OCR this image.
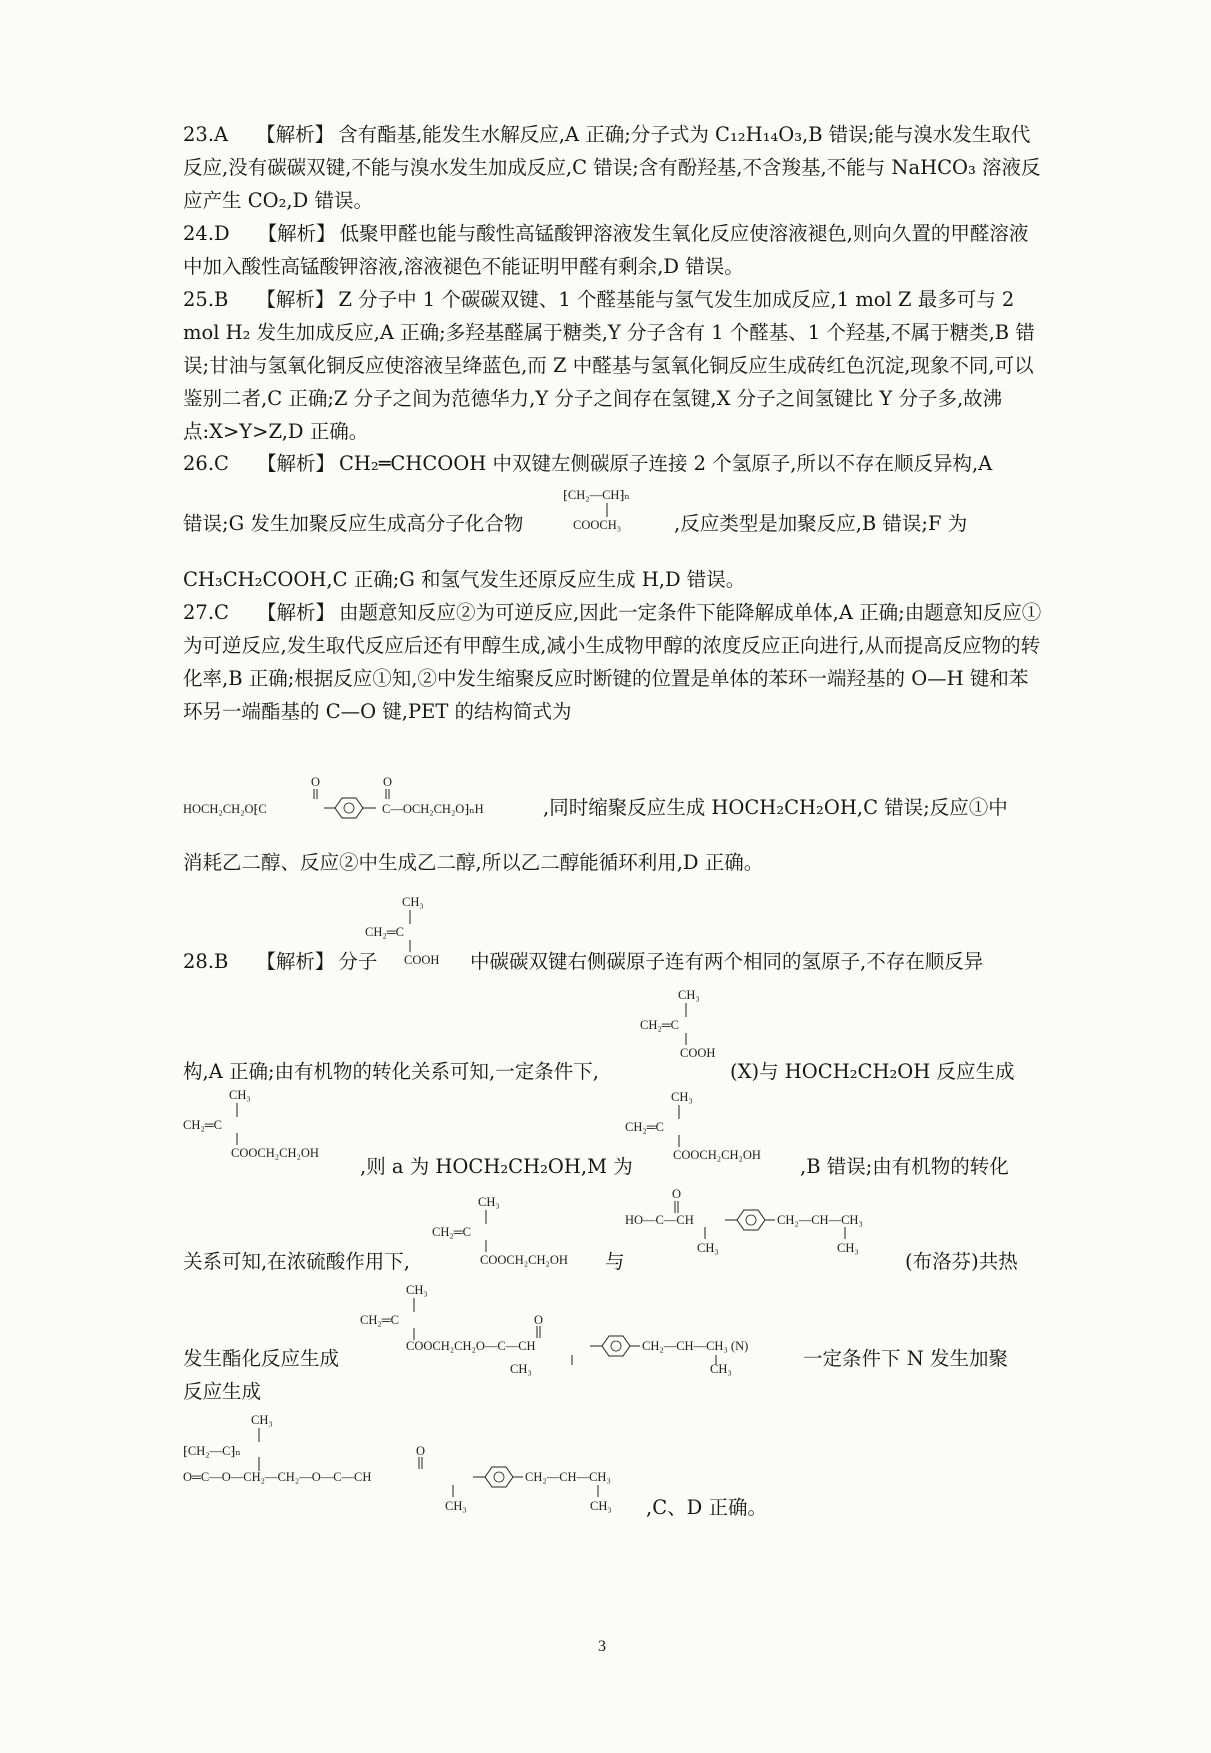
23.A 【解析】 含有酯基,能发生水解反应,A 正确;分子式为 C₁₂H₁₄O₃,B 错误;能与溴水发生取代反应,没有碳碳双键,不能与溴水发生加成反应,C 错误;含有酚羟基,不含羧基,不能与 NaHCO₃ 溶液反应产生 CO₂,D 错误。
24.D 【解析】 低聚甲醛也能与酸性高锰酸钾溶液发生氧化反应使溶液褪色,则向久置的甲醛溶液中加入酸性高锰酸钾溶液,溶液褪色不能证明甲醛有剩余,D 错误。
25.B 【解析】 Z 分子中 1 个碳碳双键、1 个醛基能与氢气发生加成反应,1 mol Z 最多可与 2 mol H₂ 发生加成反应,A 正确;多羟基醛属于糖类,Y 分子含有 1 个醛基、1 个羟基,不属于糖类,B 错误;甘油与氢氧化铜反应使溶液呈绛蓝色,而 Z 中醛基与氢氧化铜反应生成砖红色沉淀,现象不同,可以鉴别二者,C 正确;Z 分子之间为范德华力,Y 分子之间存在氢键,X 分子之间氢键比 Y 分子多,故沸点:X>Y>Z,D 正确。
26.C 【解析】 CH₂═CHCOOH 中双键左侧碳原子连接 2 个氢原子,所以不存在顺反异构,A
⁅CH₂—CH⁆ₙ
COOCH₃
错误;G 发生加聚反应生成高分子化合物	,反应类型是加聚反应,B 错误;F 为
CH₃CH₂COOH,C 正确;G 和氢气发生还原反应生成 H,D 错误。
27.C 【解析】 由题意知反应②为可逆反应,因此一定条件下能降解成单体,A 正确;由题意知反应①为可逆反应,发生取代反应后还有甲醇生成,减小生成物甲醇的浓度反应正向进行,从而提高反应物的转化率,B 正确;根据反应①知,②中发生缩聚反应时断键的位置是单体的苯环一端羟基的 O—H 键和苯环另一端酯基的 C—O 键,PET 的结构简式为
O	O
HOCH₂CH₂O⁅C	C—OCH₂CH₂O⁆ₙH	,同时缩聚反应生成 HOCH₂CH₂OH,C 错误;反应①中
消耗乙二醇、反应②中生成乙二醇,所以乙二醇能循环利用,D 正确。
CH₃
CH₂═C
COOH
28.B 【解析】 分子	中碳碳双键右侧碳原子连有两个相同的氢原子,不存在顺反异
CH₃
CH₂═C
COOH
构,A 正确;由有机物的转化关系可知,一定条件下,	(X)与 HOCH₂CH₂OH 反应生成
CH₃
CH₂═C
COOCH₂CH₂OH
,则 a 为 HOCH₂CH₂OH,M 为
CH₃
CH₂═C
COOCH₂CH₂OH ,B 错误;由有机物的转化
CH₃
CH₂═C
COOCH₂CH₂OH
O
HO—C—CH	CH₂—CH—CH₃
CH₃	CH₃
关系可知,在浓硫酸作用下,	与	(布洛芬)共热
CH₃
CH₂═C	O
COOCH₂CH₂O—C—CH	CH₂—CH—CH₃ (N)
CH₃	CH₃
发生酯化反应生成	一定条件下 N 发生加聚
反应生成
CH₃
⁅CH₂—C⁆ₙ	O
O═C—O—CH₂—CH₂—O—C—CH	CH₂—CH—CH₃
CH₃	CH₃ ,C、D 正确。
3
